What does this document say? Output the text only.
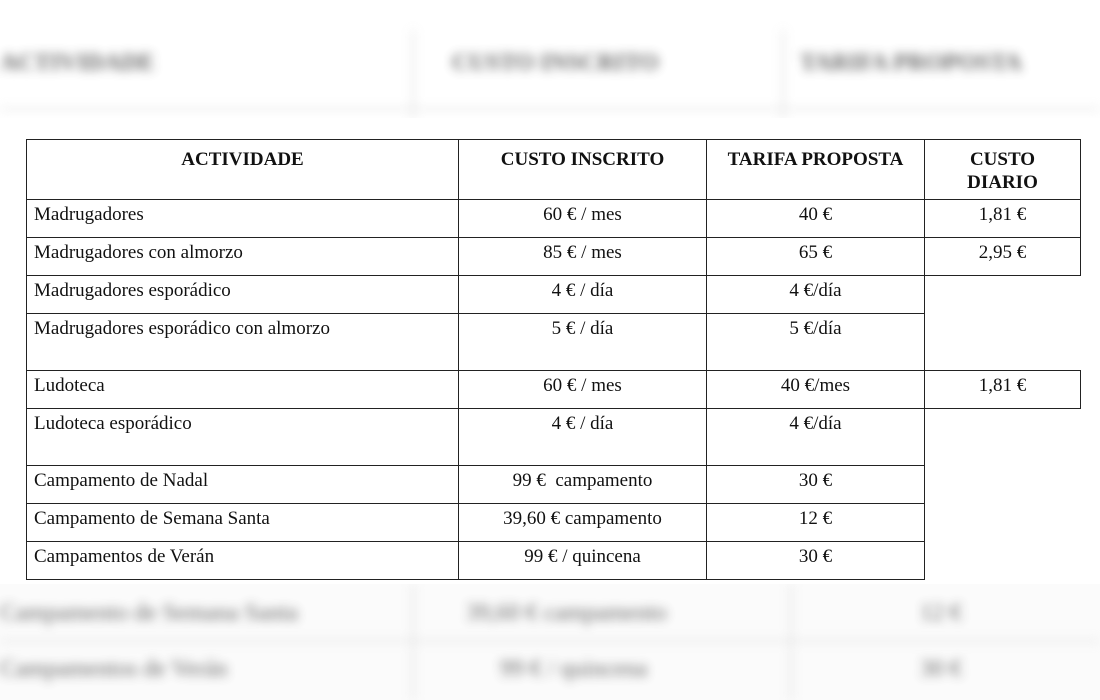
ACTIVIDADE	CUSTO INSCRITO	TARIFA PROPOSTA
ACTIVIDADE	CUSTO INSCRITO	TARIFA PROPOSTA	CUSTO
DIARIO

Madrugadores	60 € / mes	40 €	1,81 €
Madrugadores con almorzo	85 € / mes	65 €	2,95 €
Madrugadores esporádico	4 € / día	4 €/día	
Madrugadores esporádico con almorzo	5 € / día	5 €/día	
Ludoteca	60 € / mes	40 €/mes	1,81 €
Ludoteca esporádico	4 € / día	4 €/día	
Campamento de Nadal	99 €  campamento	30 €	
Campamento de Semana Santa	39,60 € campamento	12 €	
Campamentos de Verán	99 € / quincena	30 €	
Campamento de Semana Santa	39,60 € campamento	12 €
Campamentos de Verán	99 € / quincena	30 €
